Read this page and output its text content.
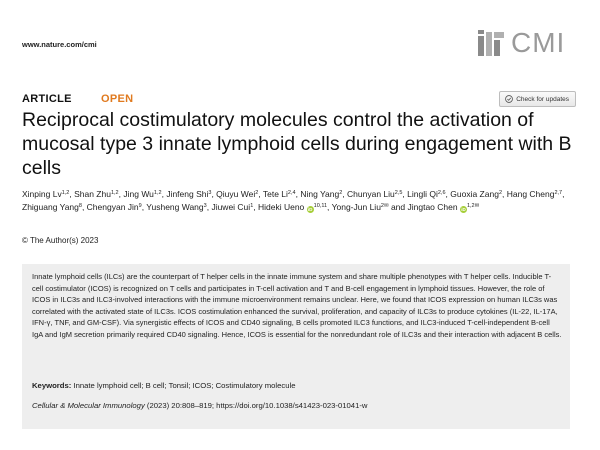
www.nature.com/cmi	CMI
ARTICLE	OPEN	Check for updates
Reciprocal costimulatory molecules control the activation of mucosal type 3 innate lymphoid cells during engagement with B cells
Xinping Lv$^{1,2}$, Shan Zhu$^{1,2}$, Jing Wu$^{1,2}$, Jinfeng Shi$^3$, Qiuyu Wei$^2$, Tete Li$^{2,4}$, Ning Yang$^2$, Chunyan Liu$^{2,5}$, Lingli Qi$^{2,6}$, Guoxia Zang$^2$, Hang Cheng$^{2,7}$, Zhiguang Yang$^8$, Chengyan Jin$^9$, Yusheng Wang$^3$, Jiuwei Cui$^1$, Hideki Ueno iD$^{10,11}$, Yong-Jun Liu$^{2✉}$ and Jingtao Chen $iD^{1,2✉}$
© The Author(s) 2023

Innate lymphoid cells (ILCs) are the counterpart of T helper cells in the innate immune system and share multiple phenotypes with T helper cells. Inducible T-cell costimulator (ICOS) is recognized on T cells and participates in T-cell activation and T and B-cell engagement in lymphoid tissues. However, the role of ICOS in ILC3s and ILC3-involved interactions with the immune microenvironment remains unclear. Here, we found that ICOS expression on human ILC3s was correlated with the activated state of ILC3s. ICOS costimulation enhanced the survival, proliferation, and capacity of ILC3s to produce cytokines (IL-22, IL-17A, IFN-γ, TNF, and GM-CSF). Via synergistic effects of ICOS and CD40 signaling, B cells promoted ILC3 functions, and ILC3-induced T-cell-independent B-cell IgA and IgM secretion primarily required CD40 signaling. Hence, ICOS is essential for the nonredundant role of ILC3s and their interaction with adjacent B cells.

Keywords: Innate lymphoid cell; B cell; Tonsil; ICOS; Costimulatory molecule
Cellular & Molecular Immunology (2023) 20:808–819; https://doi.org/10.1038/s41423-023-01041-w
